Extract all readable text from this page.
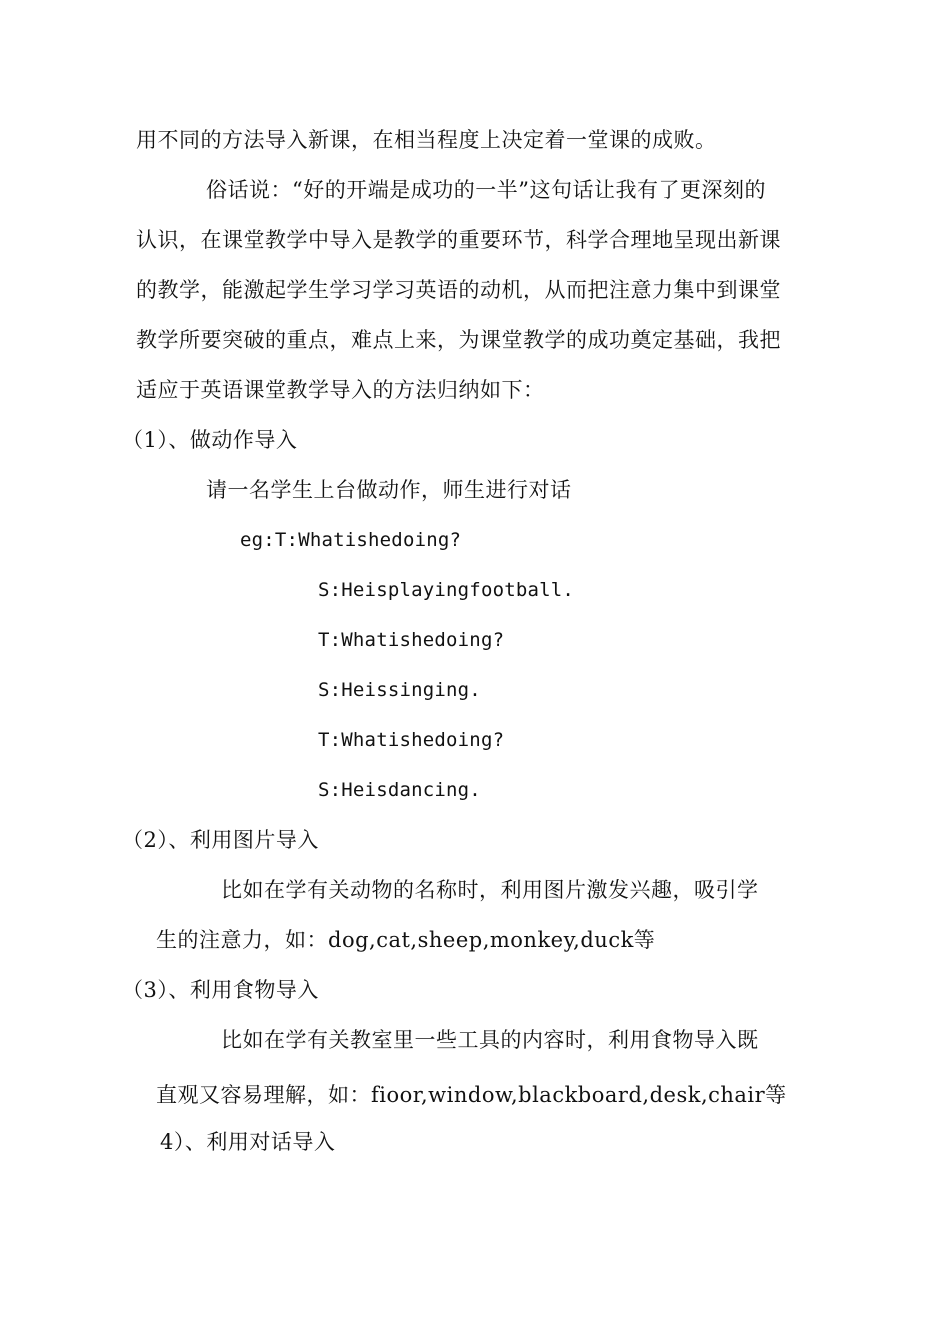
用不同的方法导入新课，在相当程度上决定着一堂课的成败。
俗话说：“好的开端是成功的一半”这句话让我有了更深刻的
认识，在课堂教学中导入是教学的重要环节，科学合理地呈现出新课
的教学，能激起学生学习学习英语的动机，从而把注意力集中到课堂
教学所要突破的重点，难点上来，为课堂教学的成功奠定基础，我把
适应于英语课堂教学导入的方法归纳如下：
（1）、做动作导入
请一名学生上台做动作，师生进行对话
eg:T:Whatishedoing?
S:Heisplayingfootball.
T:Whatishedoing?
S:Heissinging.
T:Whatishedoing?
S:Heisdancing.
（2）、利用图片导入
比如在学有关动物的名称时，利用图片激发兴趣，吸引学
生的注意力，如：dog,cat,sheep,monkey,duck等
（3）、利用食物导入
比如在学有关教室里一些工具的内容时，利用食物导入既
直观又容易理解，如：fioor,window,blackboard,desk,chair等
4）、利用对话导入
